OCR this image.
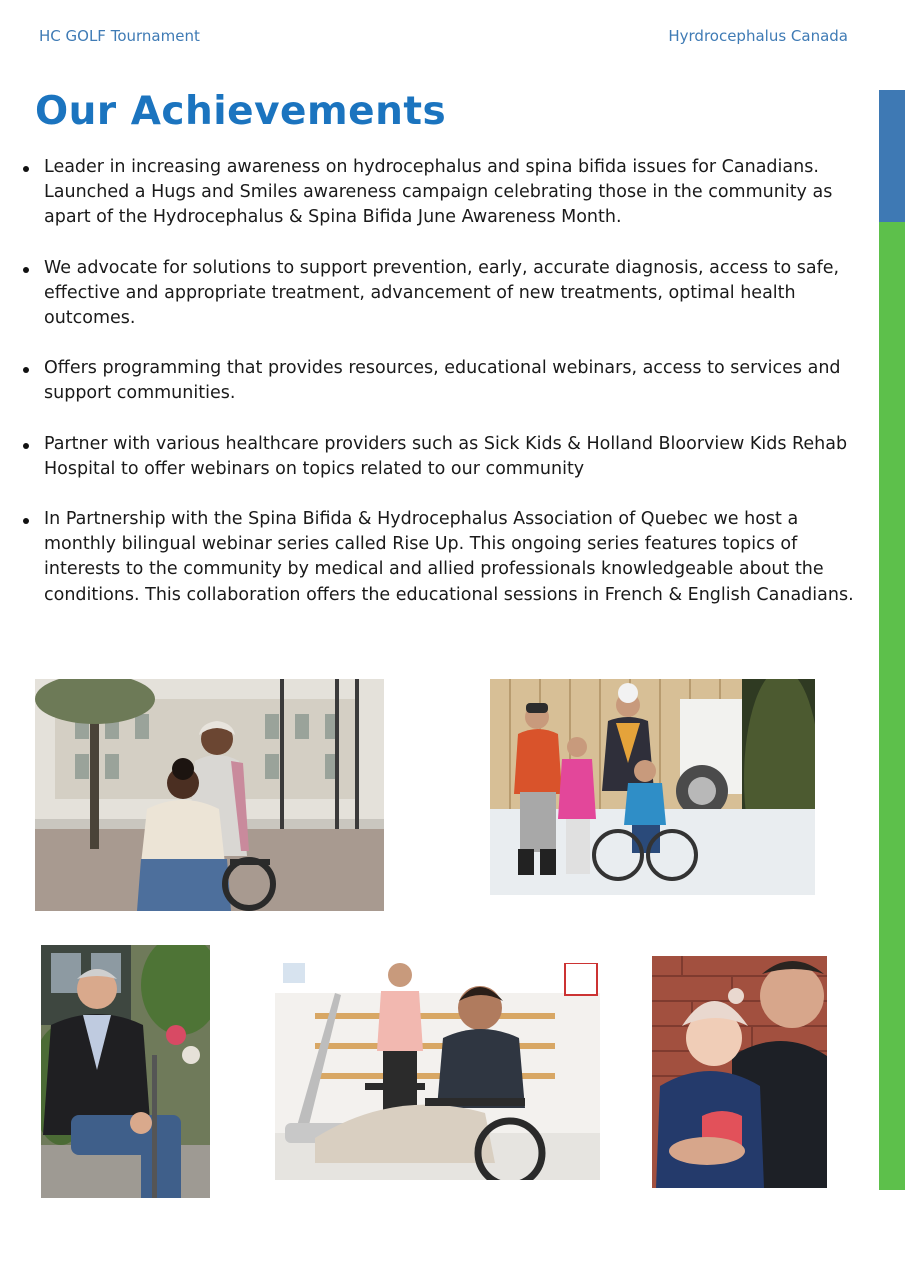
HC GOLF Tournament	Hyrdrocephalus Canada
Our Achievements
Leader in increasing awareness on hydrocephalus and spina bifida issues for Canadians. Launched a Hugs and Smiles awareness campaign celebrating those in the community as apart of the Hydrocephalus & Spina Bifida June Awareness Month.
We advocate for solutions to support prevention, early, accurate diagnosis, access to safe, effective and appropriate treatment, advancement of new treatments, optimal health outcomes.
Offers programming that provides resources, educational webinars, access to services and support communities.
Partner with various healthcare providers such as Sick Kids & Holland Bloorview Kids Rehab Hospital to offer webinars on topics related to our community
In Partnership with the Spina Bifida & Hydrocephalus Association of Quebec we host a monthly bilingual webinar series called Rise Up. This ongoing series features topics of interests to the community by medical and allied professionals knowledgeable about the conditions. This collaboration offers the educational sessions in French & English Canadians.
